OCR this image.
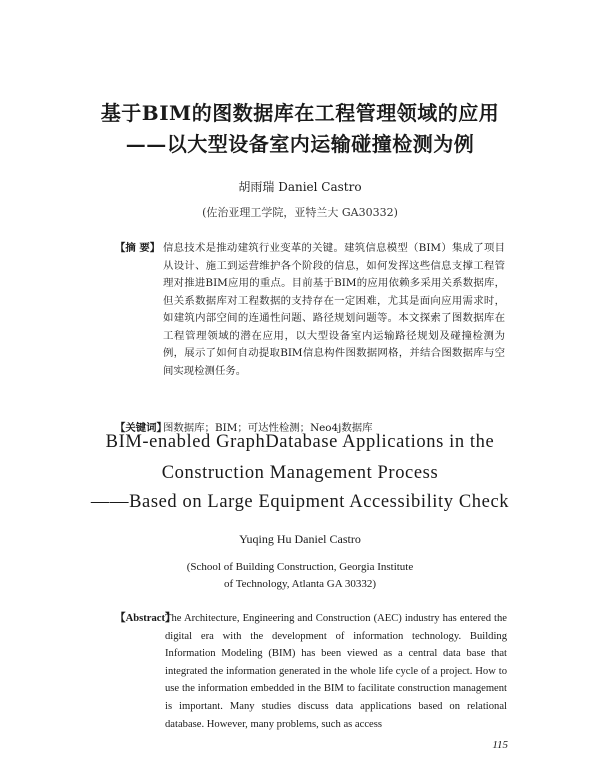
基于BIM的图数据库在工程管理领域的应用
——以大型设备室内运输碰撞检测为例
胡雨瑞 Daniel Castro
(佐治亚理工学院，亚特兰大 GA30332)
【摘 要】 信息技术是推动建筑行业变革的关键。建筑信息模型（BIM）集成了项目从设计、施工到运营维护各个阶段的信息，如何发挥这些信息支撑工程管理对推进BIM应用的重点。目前基于BIM的应用依赖多采用关系数据库，但关系数据库对工程数据的支持存在一定困难，尤其是面向应用需求时，如建筑内部空间的连通性问题、路径规划问题等。本文探索了图数据库在工程管理领域的潜在应用，以大型设备室内运输路径规划及碰撞检测为例，展示了如何自动提取BIM信息构件图数据网格，并结合图数据库与空间实现检测任务。
【关键词】
图数据库；BIM；可达性检测；Neo4j数据库
BIM-enabled GraphDatabase Applications in the
Construction Management Process
——Based on Large Equipment Accessibility Check
Yuqing Hu Daniel Castro
(School of Building Construction, Georgia Institute
of Technology, Atlanta GA 30332)
【Abstract】
The Architecture, Engineering and Construction (AEC) industry has entered the digital era with the development of information technology. Building Information Modeling (BIM) has been viewed as a central data base that integrated the information generated in the whole life cycle of a project. How to use the information embedded in the BIM to facilitate construction management is important. Many studies discuss data applications based on relational database. However, many problems, such as access
115
